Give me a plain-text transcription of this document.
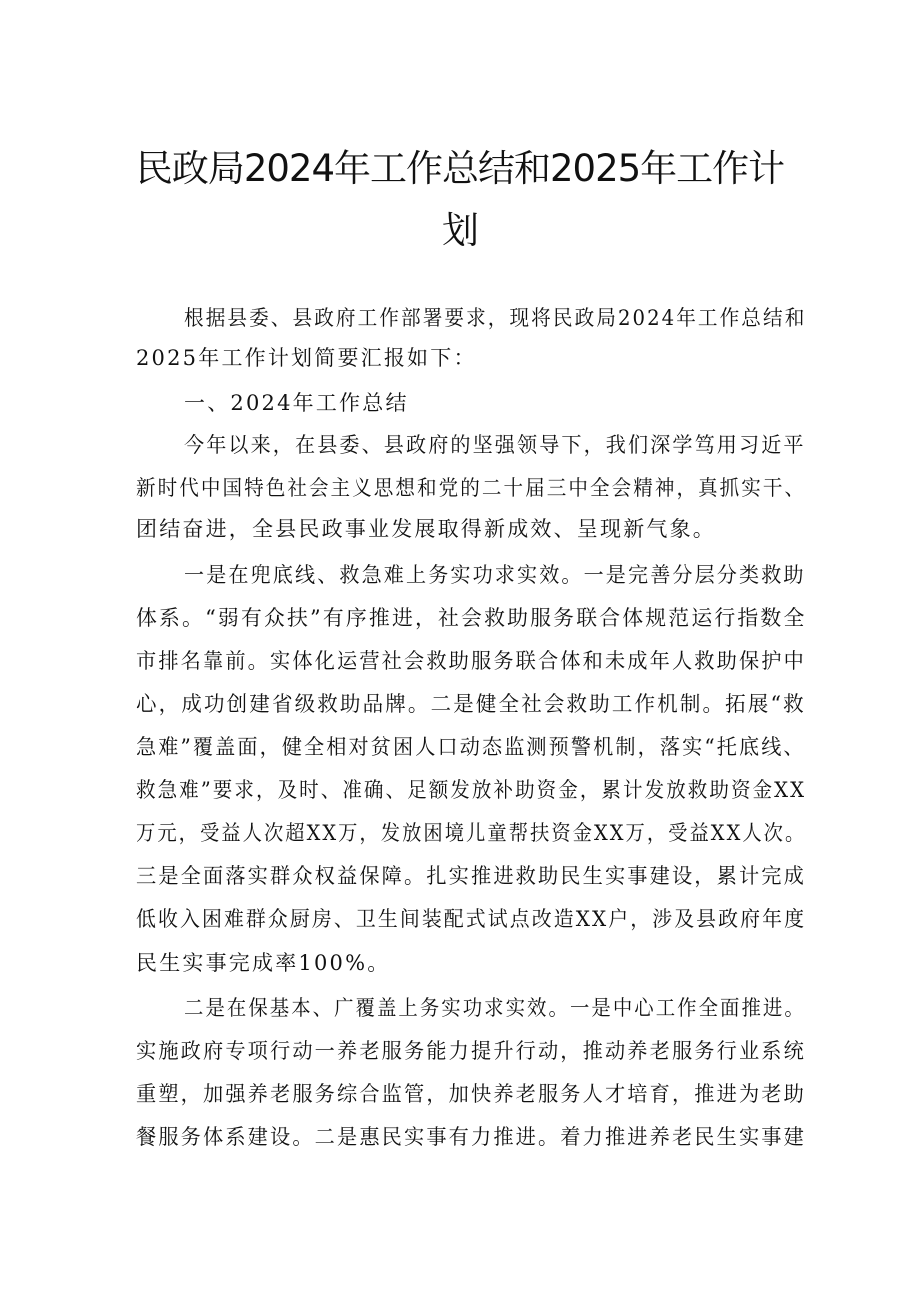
民政局2024年工作总结和2025年工作计
划
根据县委、县政府工作部署要求，现将民政局2024年工作总结和
2025年工作计划简要汇报如下：
一、2024年工作总结
今年以来，在县委、县政府的坚强领导下，我们深学笃用习近平
新时代中国特色社会主义思想和党的二十届三中全会精神，真抓实干、
团结奋进，全县民政事业发展取得新成效、呈现新气象。
一是在兜底线、救急难上务实功求实效。一是完善分层分类救助
体系。“弱有众扶”有序推进，社会救助服务联合体规范运行指数全
市排名靠前。实体化运营社会救助服务联合体和未成年人救助保护中
心，成功创建省级救助品牌。二是健全社会救助工作机制。拓展“救
急难”覆盖面，健全相对贫困人口动态监测预警机制，落实“托底线、
救急难”要求，及时、准确、足额发放补助资金，累计发放救助资金XX
万元，受益人次超XX万，发放困境儿童帮扶资金XX万，受益XX人次。
三是全面落实群众权益保障。扎实推进救助民生实事建设，累计完成
低收入困难群众厨房、卫生间装配式试点改造XX户，涉及县政府年度
民生实事完成率100%。
二是在保基本、广覆盖上务实功求实效。一是中心工作全面推进。
实施政府专项行动一养老服务能力提升行动，推动养老服务行业系统
重塑，加强养老服务综合监管，加快养老服务人才培育，推进为老助
餐服务体系建设。二是惠民实事有力推进。着力推进养老民生实事建
